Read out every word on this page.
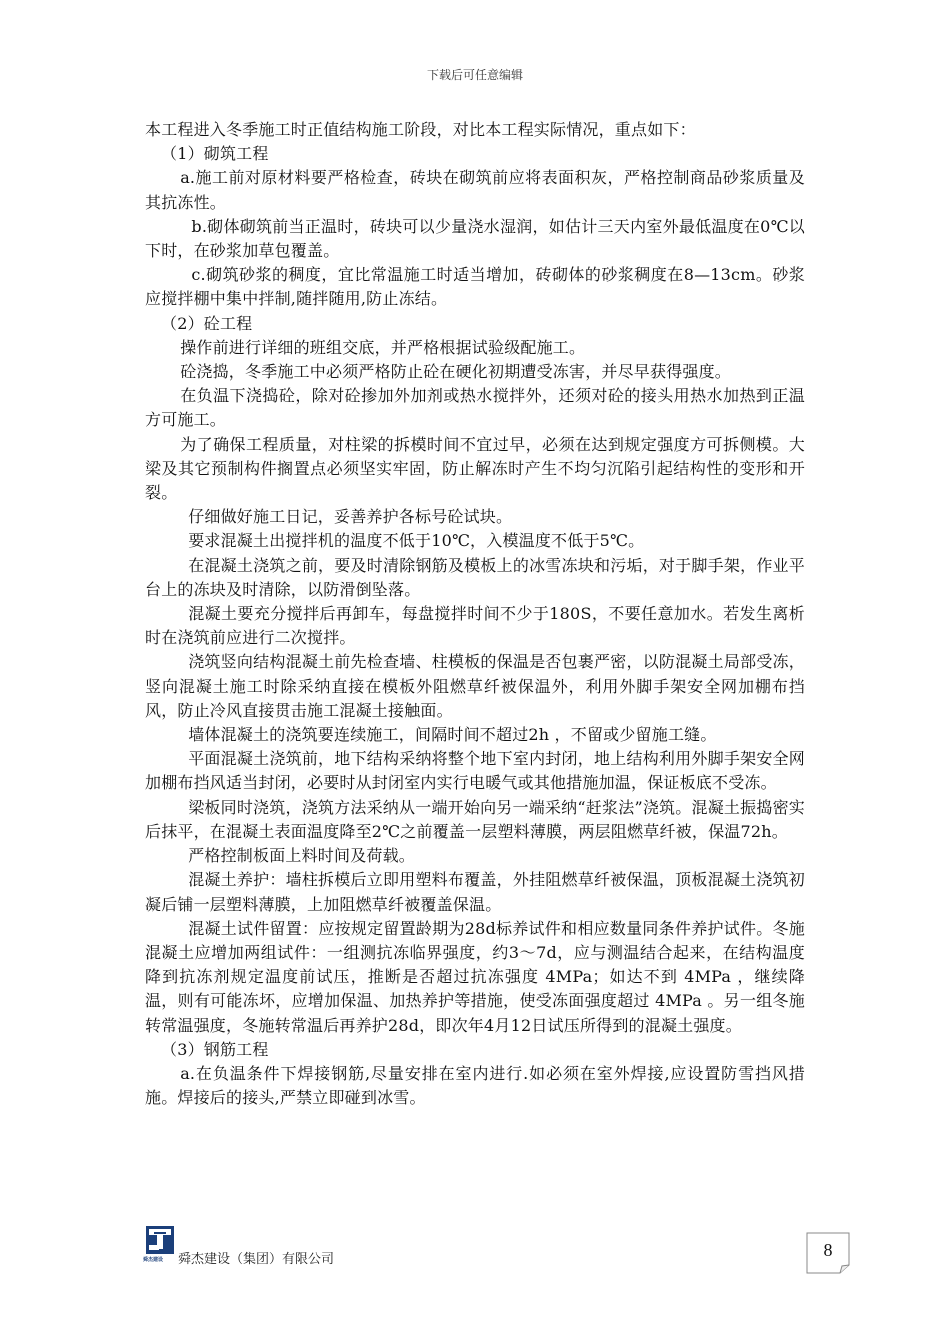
下载后可任意编辑

本工程进入冬季施工时正值结构施工阶段，对比本工程实际情况，重点如下：

（1）砌筑工程

a.施工前对原材料要严格检查，砖块在砌筑前应将表面积灰，严格控制商品砂浆质量及其抗冻性。

b.砌体砌筑前当正温时，砖块可以少量浇水湿润，如估计三天内室外最低温度在0℃以下时，在砂浆加草包覆盖。

c.砌筑砂浆的稠度，宜比常温施工时适当增加，砖砌体的砂浆稠度在8—13cm。砂浆应搅拌棚中集中拌制,随拌随用,防止冻结。

（2）砼工程

操作前进行详细的班组交底，并严格根据试验级配施工。

砼浇捣，冬季施工中必须严格防止砼在硬化初期遭受冻害，并尽早获得强度。

在负温下浇捣砼，除对砼掺加外加剂或热水搅拌外，还须对砼的接头用热水加热到正温方可施工。

为了确保工程质量，对柱梁的拆模时间不宜过早，必须在达到规定强度方可拆侧模。大梁及其它预制构件搁置点必须坚实牢固，防止解冻时产生不均匀沉陷引起结构性的变形和开裂。

仔细做好施工日记，妥善养护各标号砼试块。

要求混凝土出搅拌机的温度不低于10℃，入模温度不低于5℃。

在混凝土浇筑之前，要及时清除钢筋及模板上的冰雪冻块和污垢，对于脚手架，作业平台上的冻块及时清除，以防滑倒坠落。

混凝土要充分搅拌后再卸车，每盘搅拌时间不少于180S，不要任意加水。若发生离析时在浇筑前应进行二次搅拌。

浇筑竖向结构混凝土前先检查墙、柱模板的保温是否包裹严密，以防混凝土局部受冻，竖向混凝土施工时除采纳直接在模板外阻燃草纤被保温外，利用外脚手架安全网加棚布挡风，防止冷风直接贯击施工混凝土接触面。

墙体混凝土的浇筑要连续施工，间隔时间不超过2h ，不留或少留施工缝。

平面混凝土浇筑前，地下结构采纳将整个地下室内封闭，地上结构利用外脚手架安全网加棚布挡风适当封闭，必要时从封闭室内实行电暖气或其他措施加温，保证板底不受冻。

梁板同时浇筑，浇筑方法采纳从一端开始向另一端采纳“赶浆法”浇筑。混凝土振捣密实后抹平，在混凝土表面温度降至2℃之前覆盖一层塑料薄膜，两层阻燃草纤被，保温72h。

严格控制板面上料时间及荷载。

混凝土养护：墙柱拆模后立即用塑料布覆盖，外挂阻燃草纤被保温，顶板混凝土浇筑初凝后铺一层塑料薄膜，上加阻燃草纤被覆盖保温。

混凝土试件留置：应按规定留置龄期为28d标养试件和相应数量同条件养护试件。冬施混凝土应增加两组试件：一组测抗冻临界强度，约3～7d，应与测温结合起来，在结构温度降到抗冻剂规定温度前试压，推断是否超过抗冻强度 4MPa；如达不到 4MPa ，继续降温，则有可能冻坏，应增加保温、加热养护等措施，使受冻面强度超过 4MPa 。另一组冬施转常温强度，冬施转常温后再养护28d，即次年4月12日试压所得到的混凝土强度。

（3）钢筋工程

a.在负温条件下焊接钢筋,尽量安排在室内进行.如必须在室外焊接,应设置防雪挡风措施。焊接后的接头,严禁立即碰到冰雪。

舜杰建设 舜杰建设（集团）有限公司	8
